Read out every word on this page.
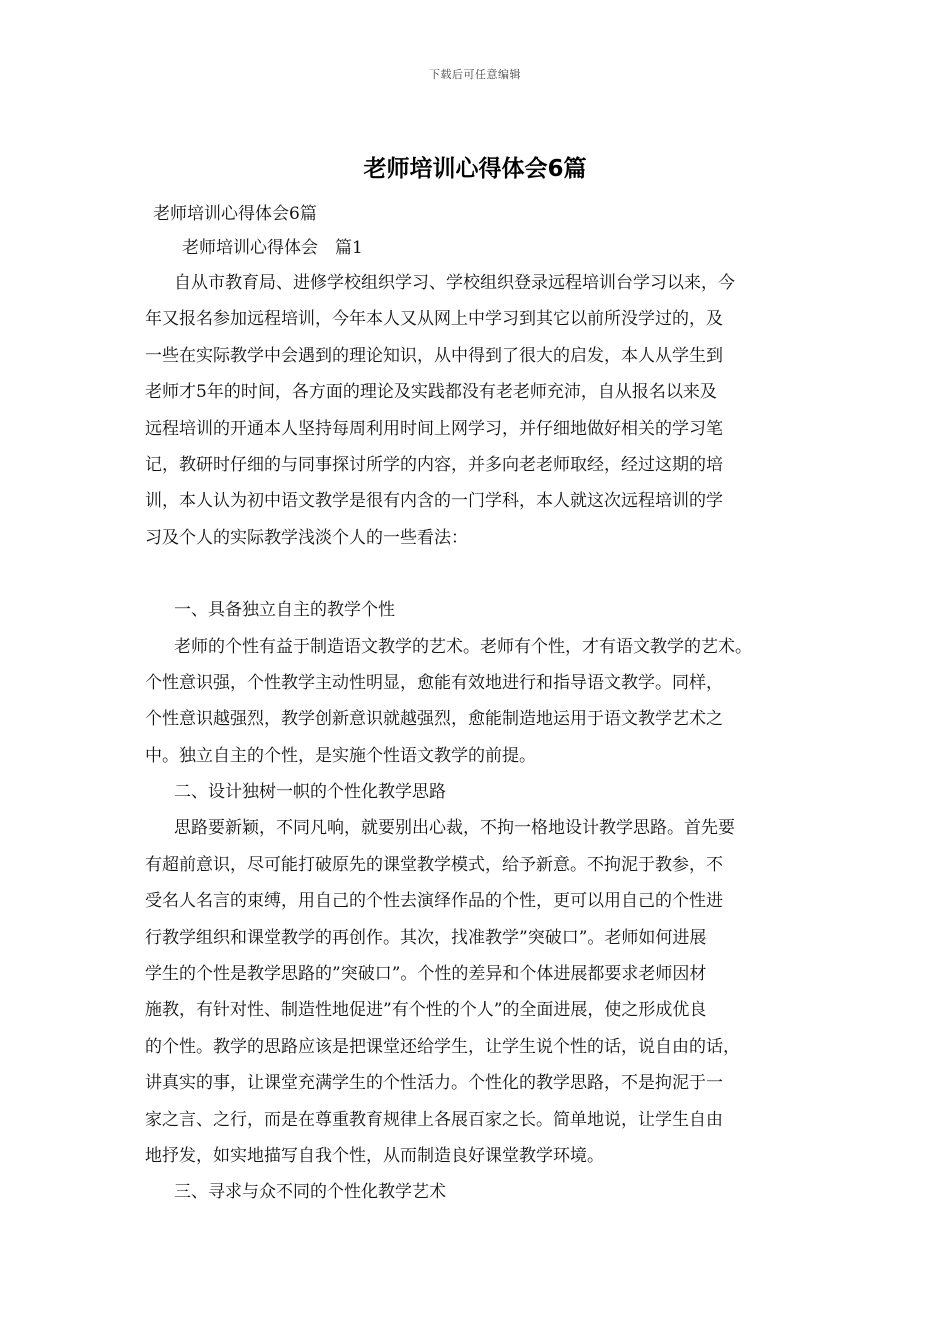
下载后可任意编辑
老师培训心得体会6篇
老师培训心得体会6篇
老师培训心得体会　篇1
自从市教育局、进修学校组织学习、学校组织登录远程培训台学习以来，今
年又报名参加远程培训，今年本人又从网上中学习到其它以前所没学过的，及
一些在实际教学中会遇到的理论知识，从中得到了很大的启发，本人从学生到
老师才5年的时间，各方面的理论及实践都没有老老师充沛，自从报名以来及
远程培训的开通本人坚持每周利用时间上网学习，并仔细地做好相关的学习笔
记，教研时仔细的与同事探讨所学的内容，并多向老老师取经，经过这期的培
训，本人认为初中语文教学是很有内含的一门学科，本人就这次远程培训的学
习及个人的实际教学浅淡个人的一些看法：
一、具备独立自主的教学个性
老师的个性有益于制造语文教学的艺术。老师有个性，才有语文教学的艺术。
个性意识强，个性教学主动性明显，愈能有效地进行和指导语文教学。同样，
个性意识越强烈，教学创新意识就越强烈，愈能制造地运用于语文教学艺术之
中。独立自主的个性，是实施个性语文教学的前提。
二、设计独树一帜的个性化教学思路
思路要新颖，不同凡响，就要别出心裁，不拘一格地设计教学思路。首先要
有超前意识，尽可能打破原先的课堂教学模式，给予新意。不拘泥于教参，不
受名人名言的束缚，用自己的个性去演绎作品的个性，更可以用自己的个性进
行教学组织和课堂教学的再创作。其次，找准教学”突破口”。老师如何进展
学生的个性是教学思路的”突破口”。个性的差异和个体进展都要求老师因材
施教，有针对性、制造性地促进”有个性的个人”的全面进展，使之形成优良
的个性。教学的思路应该是把课堂还给学生，让学生说个性的话，说自由的话，
讲真实的事，让课堂充满学生的个性活力。个性化的教学思路，不是拘泥于一
家之言、之行，而是在尊重教育规律上各展百家之长。简单地说，让学生自由
地抒发，如实地描写自我个性，从而制造良好课堂教学环境。
三、寻求与众不同的个性化教学艺术
